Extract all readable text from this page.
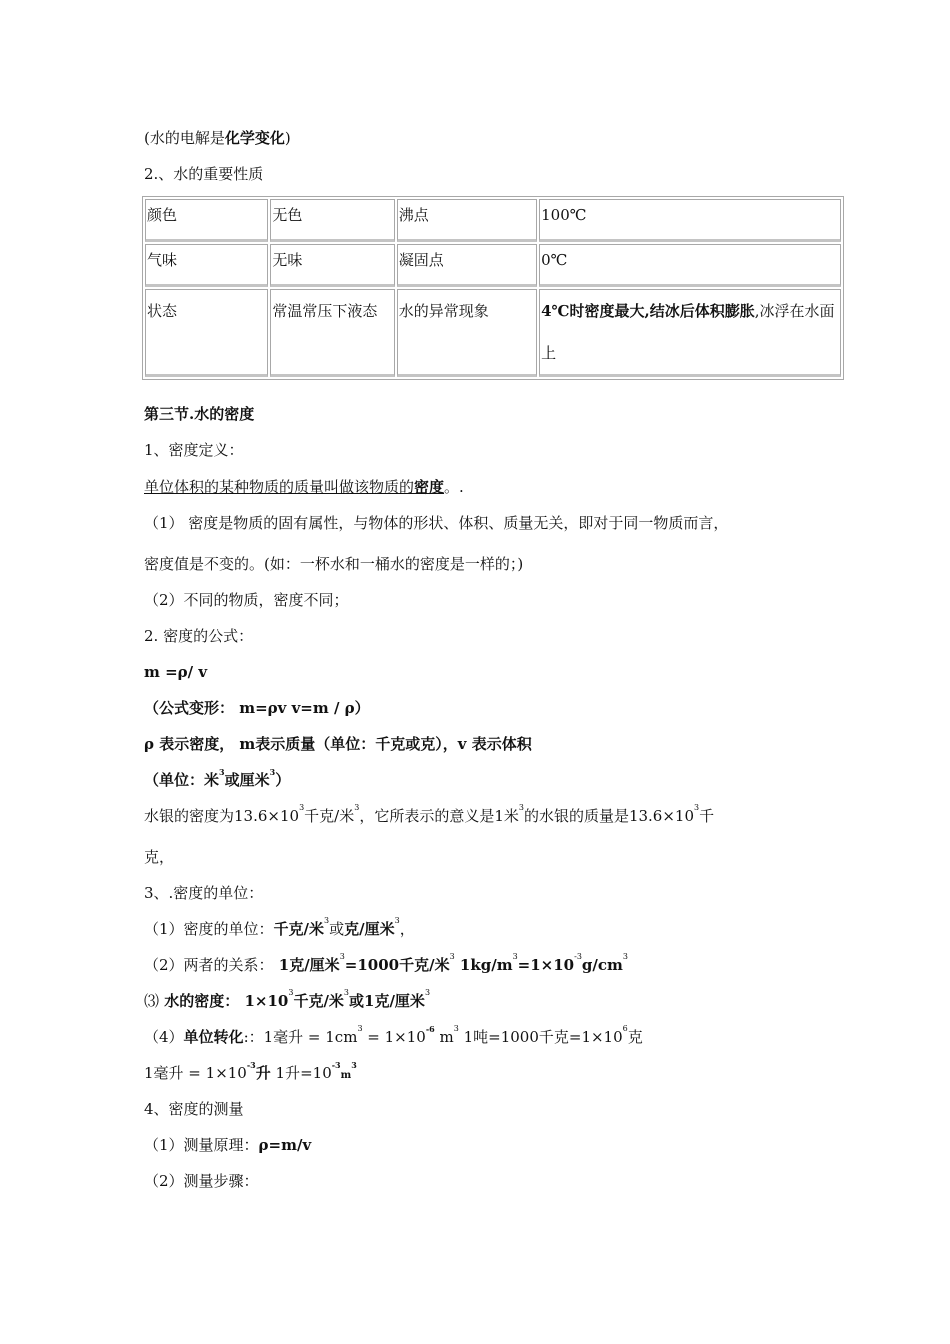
(水的电解是化学变化)
2.、水的重要性质
颜色	无色	沸点	100℃
气味	无味	凝固点	0℃
状态	常温常压下液态	水的异常现象	4℃时密度最大,结冰后体积膨胀,冰浮在水面上
第三节.水的密度
1、密度定义：
单位体积的某种物质的质量叫做该物质的密度。.
（1） 密度是物质的固有属性，与物体的形状、体积、质量无关，即对于同一物质而言，
密度值是不变的。(如：一杯水和一桶水的密度是一样的；)
（2）不同的物质，密度不同；
2. 密度的公式：
m =ρ/ v
（公式变形： m=ρv v=m / ρ）
ρ 表示密度， m表示质量（单位：千克或克），v 表示体积
（单位：米$^3$或厘米$^3$）
水银的密度为$13.6\times 10^3$千克/米$^3$，它所表示的意义是1米$^3$的水银的质量是$13.6\times 10^3$千
克，
3、.密度的单位：
（1）密度的单位：千克/米$^3$或克/厘米$^3$，
（2）两者的关系： 1克/厘米$^3$=1000千克/米$^3$ $1kg/m^3=1\times 10^{-3}g/cm^3$
⑶ 水的密度： $1\times 10^3$千克/米$^3$或1克/厘米$^3$
（4）单位转化:：1毫升 = $1cm^3 = 1\times 10^{-6}$ $m^3$ 1吨=1000千克$=1\times 10^6$克
1毫升 = $1\times 10^{-3}$升 1升$=10^{-3}m^3$
4、密度的测量
（1）测量原理：ρ=m/v
（2）测量步骤：
